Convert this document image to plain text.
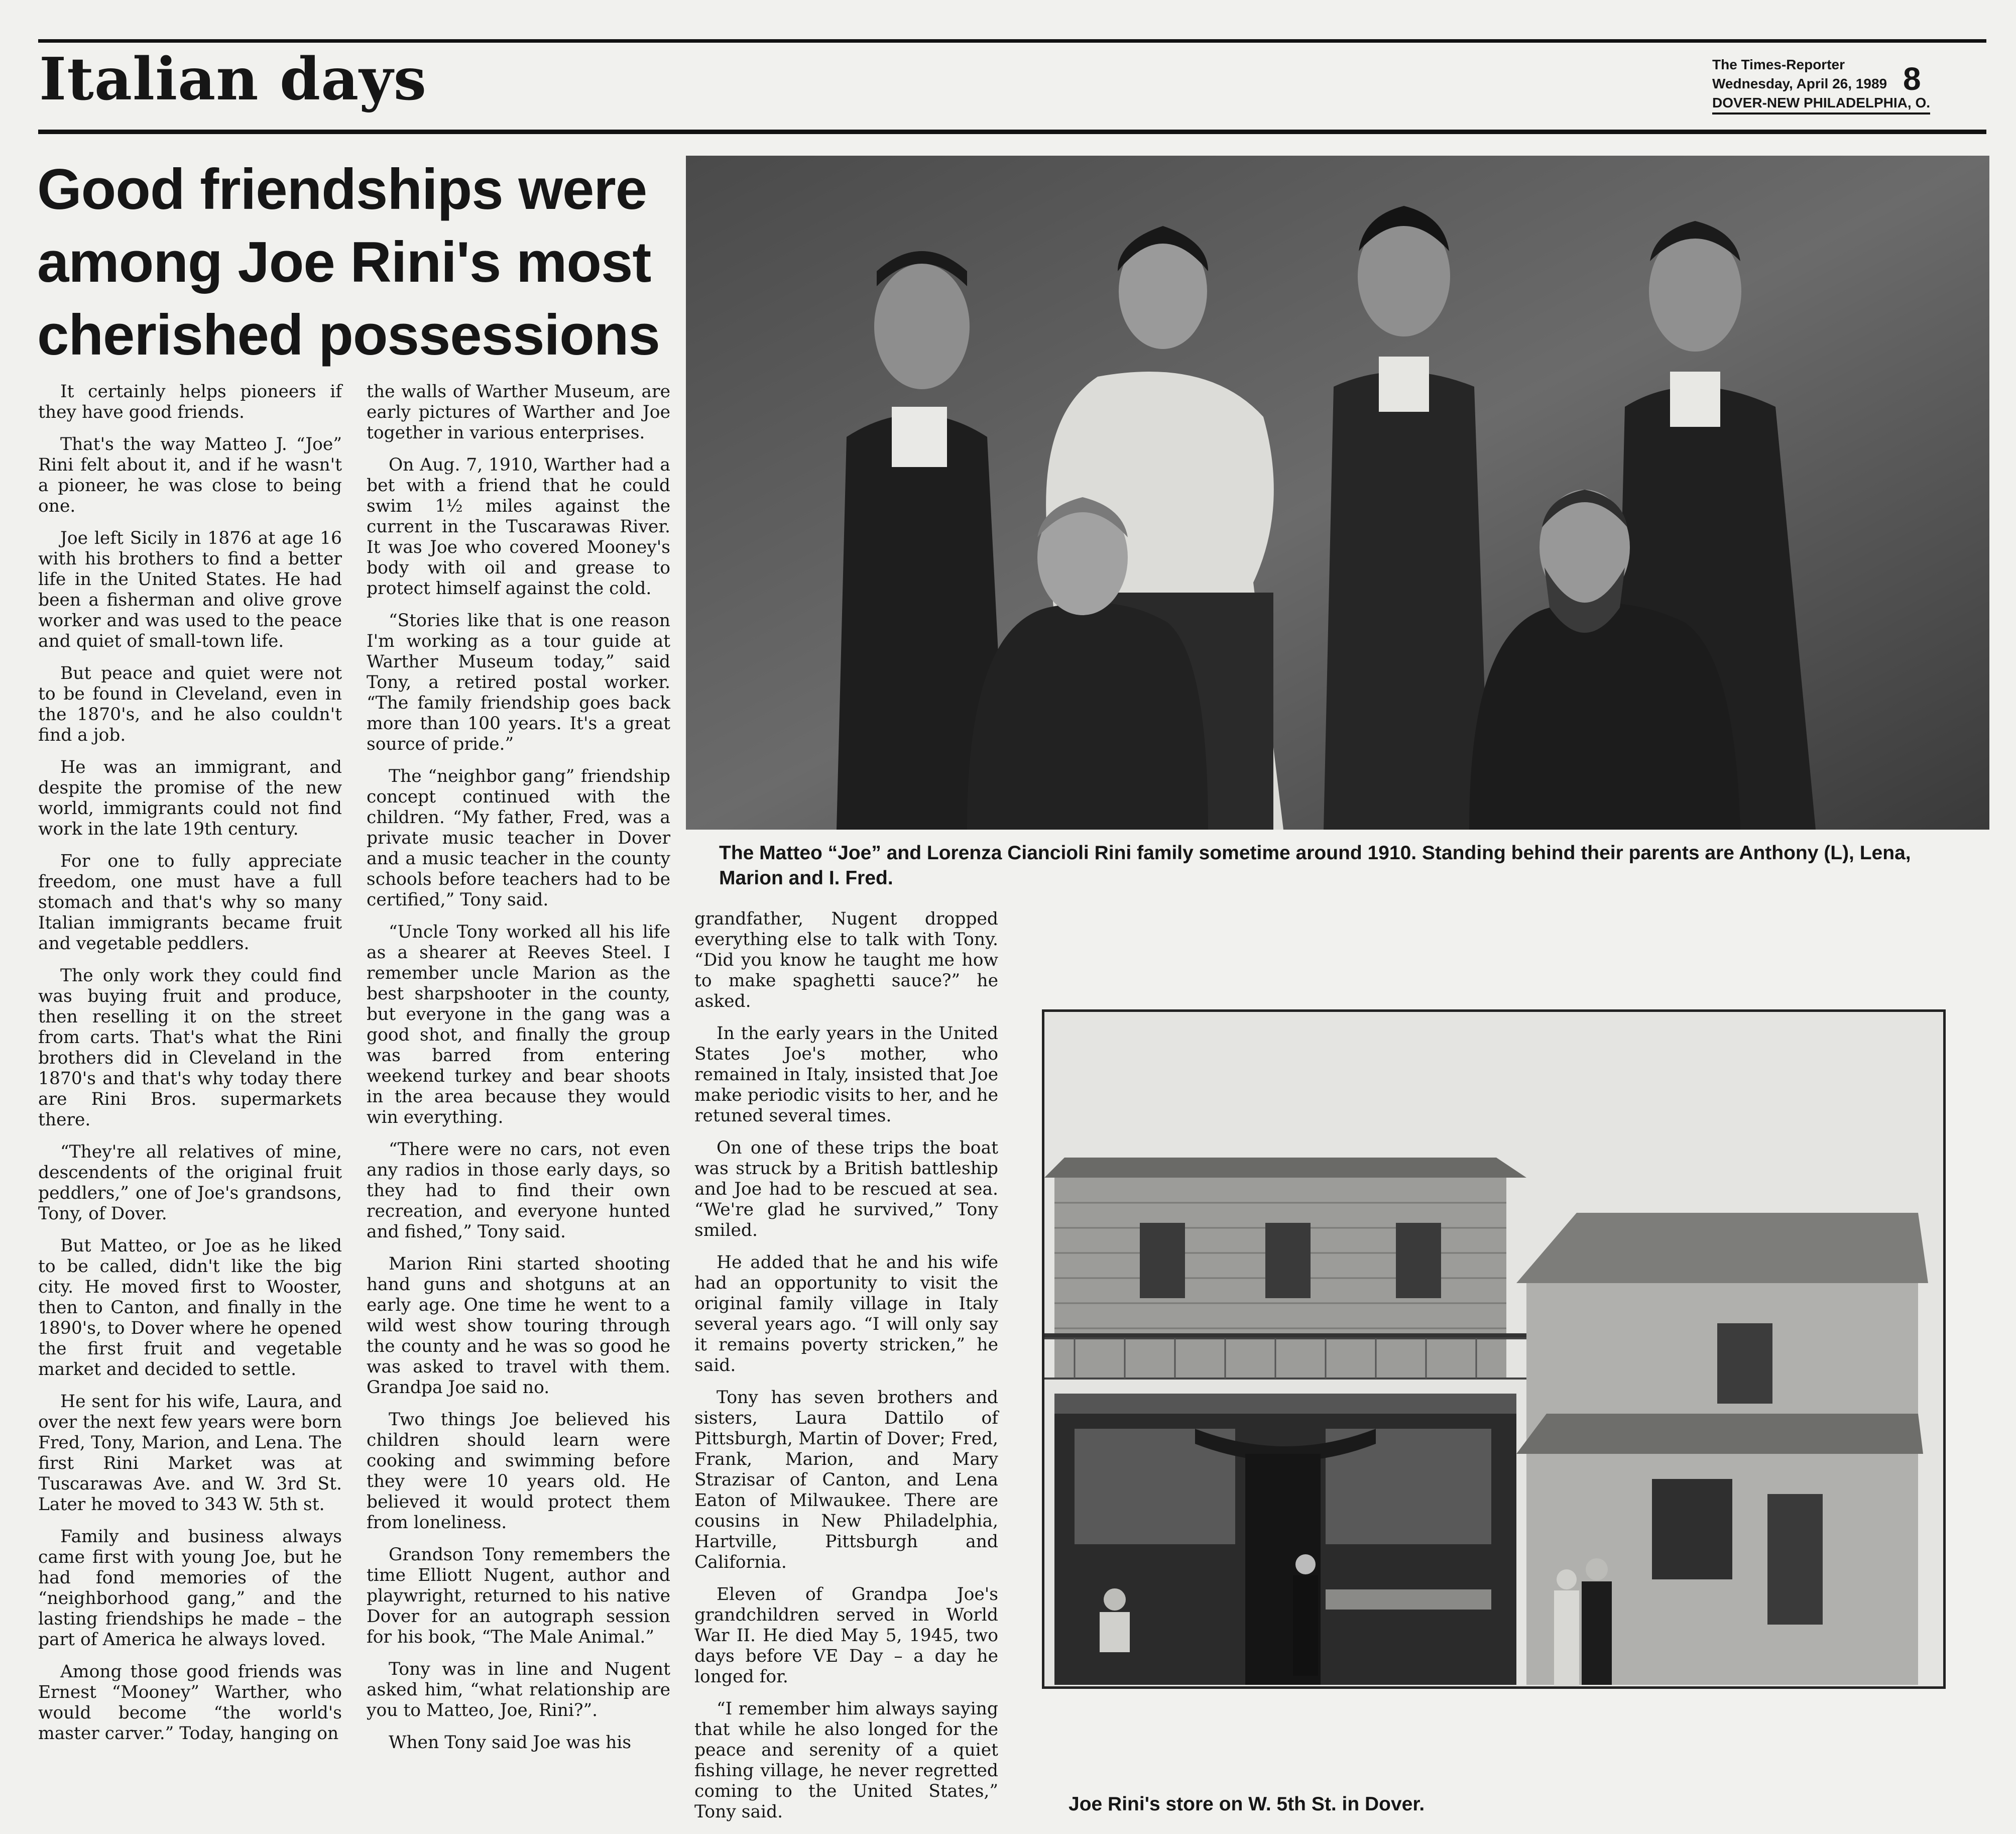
Italian days	The Times-Reporter
Wednesday, April 26, 1989
DOVER-NEW PHILADELPHIA, O.
8
Good friendships were among Joe Rini's most cherished possessions

It certainly helps pioneers if they have good friends.

That's the way Matteo J. “Joe” Rini felt about it, and if he wasn't a pioneer, he was close to being one.

Joe left Sicily in 1876 at age 16 with his brothers to find a better life in the United States. He had been a fisherman and olive grove worker and was used to the peace and quiet of small-town life.

But peace and quiet were not to be found in Cleveland, even in the 1870's, and he also couldn't find a job.

He was an immigrant, and despite the promise of the new world, immigrants could not find work in the late 19th century.

For one to fully appreciate freedom, one must have a full stomach and that's why so many Italian immigrants became fruit and vegetable peddlers.

The only work they could find was buying fruit and produce, then reselling it on the street from carts. That's what the Rini brothers did in Cleveland in the 1870's and that's why today there are Rini Bros. supermarkets there.

“They're all relatives of mine, descendents of the original fruit peddlers,” one of Joe's grandsons, Tony, of Dover.

But Matteo, or Joe as he liked to be called, didn't like the big city. He moved first to Wooster, then to Canton, and finally in the 1890's, to Dover where he opened the first fruit and vegetable market and decided to settle.

He sent for his wife, Laura, and over the next few years were born Fred, Tony, Marion, and Lena. The first Rini Market was at Tuscarawas Ave. and W. 3rd St. Later he moved to 343 W. 5th st.

Family and business always came first with young Joe, but he had fond memories of the “neighborhood gang,” and the lasting friendships he made – the part of America he always loved.

Among those good friends was Ernest “Mooney” Warther, who would become “the world's master carver.” Today, hanging on

the walls of Warther Museum, are early pictures of Warther and Joe together in various enterprises.

On Aug. 7, 1910, Warther had a bet with a friend that he could swim 1½ miles against the current in the Tuscarawas River. It was Joe who covered Mooney's body with oil and grease to protect himself against the cold.

“Stories like that is one reason I'm working as a tour guide at Warther Museum today,” said Tony, a retired postal worker. “The family friendship goes back more than 100 years. It's a great source of pride.”

The “neighbor gang” friendship concept continued with the children. “My father, Fred, was a private music teacher in Dover and a music teacher in the county schools before teachers had to be certified,” Tony said.

“Uncle Tony worked all his life as a shearer at Reeves Steel. I remember uncle Marion as the best sharpshooter in the county, but everyone in the gang was a good shot, and finally the group was barred from entering weekend turkey and bear shoots in the area because they would win everything.

“There were no cars, not even any radios in those early days, so they had to find their own recreation, and everyone hunted and fished,” Tony said.

Marion Rini started shooting hand guns and shotguns at an early age. One time he went to a wild west show touring through the county and he was so good he was asked to travel with them. Grandpa Joe said no.

Two things Joe believed his children should learn were cooking and swimming before they were 10 years old. He believed it would protect them from loneliness.

Grandson Tony remembers the time Elliott Nugent, author and playwright, returned to his native Dover for an autograph session for his book, “The Male Animal.”

Tony was in line and Nugent asked him, “what relationship are you to Matteo, Joe, Rini?”.

When Tony said Joe was his

grandfather, Nugent dropped everything else to talk with Tony. “Did you know he taught me how to make spaghetti sauce?” he asked.

In the early years in the United States Joe's mother, who remained in Italy, insisted that Joe make periodic visits to her, and he retuned several times.

On one of these trips the boat was struck by a British battleship and Joe had to be rescued at sea. “We're glad he survived,” Tony smiled.

He added that he and his wife had an opportunity to visit the original family village in Italy several years ago. “I will only say it remains poverty stricken,” he said.

Tony has seven brothers and sisters, Laura Dattilo of Pittsburgh, Martin of Dover; Fred, Frank, Marion, and Mary Strazisar of Canton, and Lena Eaton of Milwaukee. There are cousins in New Philadelphia, Hartville, Pittsburgh and California.

Eleven of Grandpa Joe's grandchildren served in World War II. He died May 5, 1945, two days before VE Day – a day he longed for.

“I remember him always saying that while he also longed for the peace and serenity of a quiet fishing village, he never regretted coming to the United States,” Tony said.

The Matteo “Joe” and Lorenza Ciancioli Rini family sometime around 1910. Standing behind their parents are Anthony (L), Lena, Marion and I. Fred.
Joe Rini's store on W. 5th St. in Dover.
